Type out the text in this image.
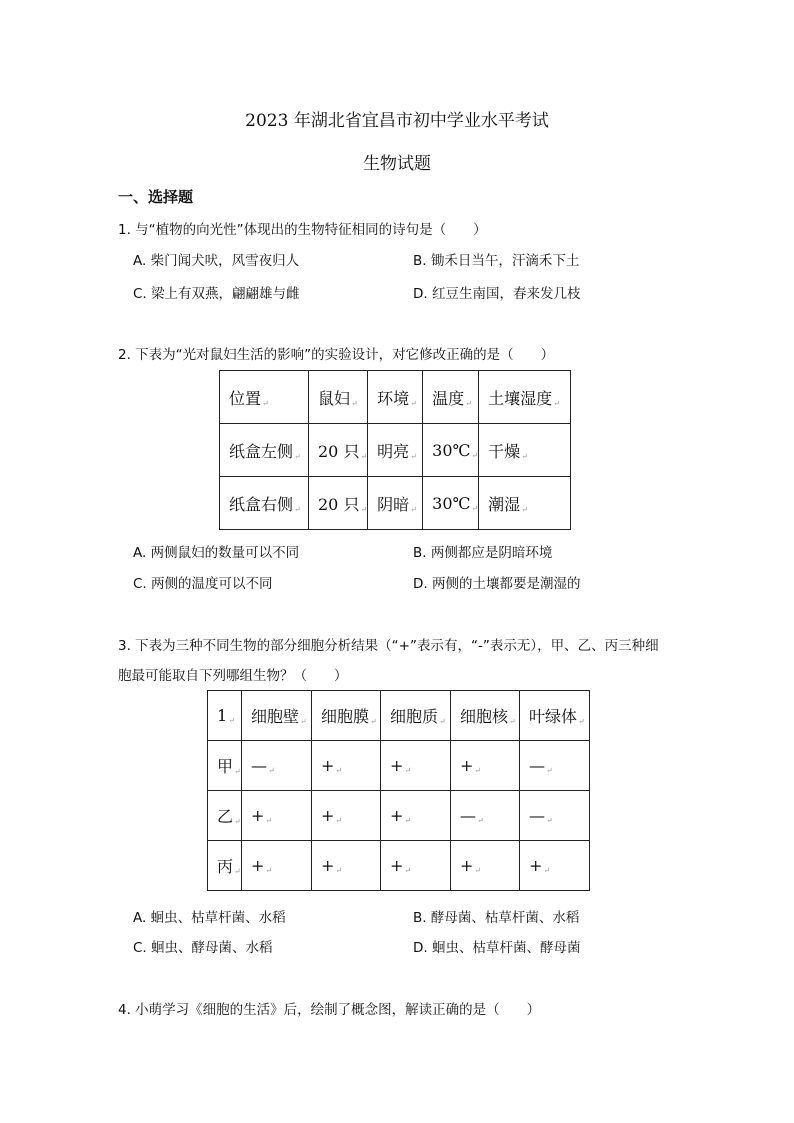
2023 年湖北省宜昌市初中学业水平考试
生物试题
一、选择题
1. 与“植物的向光性”体现出的生物特征相同的诗句是（　　）
A. 柴门闻犬吠，风雪夜归人	B. 锄禾日当午，汗滴禾下土
C. 梁上有双燕，翩翩雄与雌	D. 红豆生南国，春来发几枝
2. 下表为“光对鼠妇生活的影响”的实验设计，对它修改正确的是（　　）
位置↵	鼠妇↵	环境↵	温度↵	土壤湿度↵
纸盒左侧↵	20 只↵	明亮↵	30℃↵	干燥↵
纸盒右侧↵	20 只↵	阴暗↵	30℃↵	潮湿↵
A. 两侧鼠妇的数量可以不同	B. 两侧都应是阴暗环境
C. 两侧的温度可以不同	D. 两侧的土壤都要是潮湿的
3. 下表为三种不同生物的部分细胞分析结果（“+”表示有，“-”表示无），甲、乙、丙三种细
胞最可能取自下列哪组生物？（　　）
1↵	细胞壁↵	细胞膜↵	细胞质↵	细胞核↵	叶绿体↵
甲↵	—↵	+↵	+↵	+↵	—↵
乙↵	+↵	+↵	+↵	—↵	—↵
丙↵	+↵	+↵	+↵	+↵	+↵
A. 蛔虫、枯草杆菌、水稻	B. 酵母菌、枯草杆菌、水稻
C. 蛔虫、酵母菌、水稻	D. 蛔虫、枯草杆菌、酵母菌
4. 小萌学习《细胞的生活》后，绘制了概念图，解读正确的是（　　）
